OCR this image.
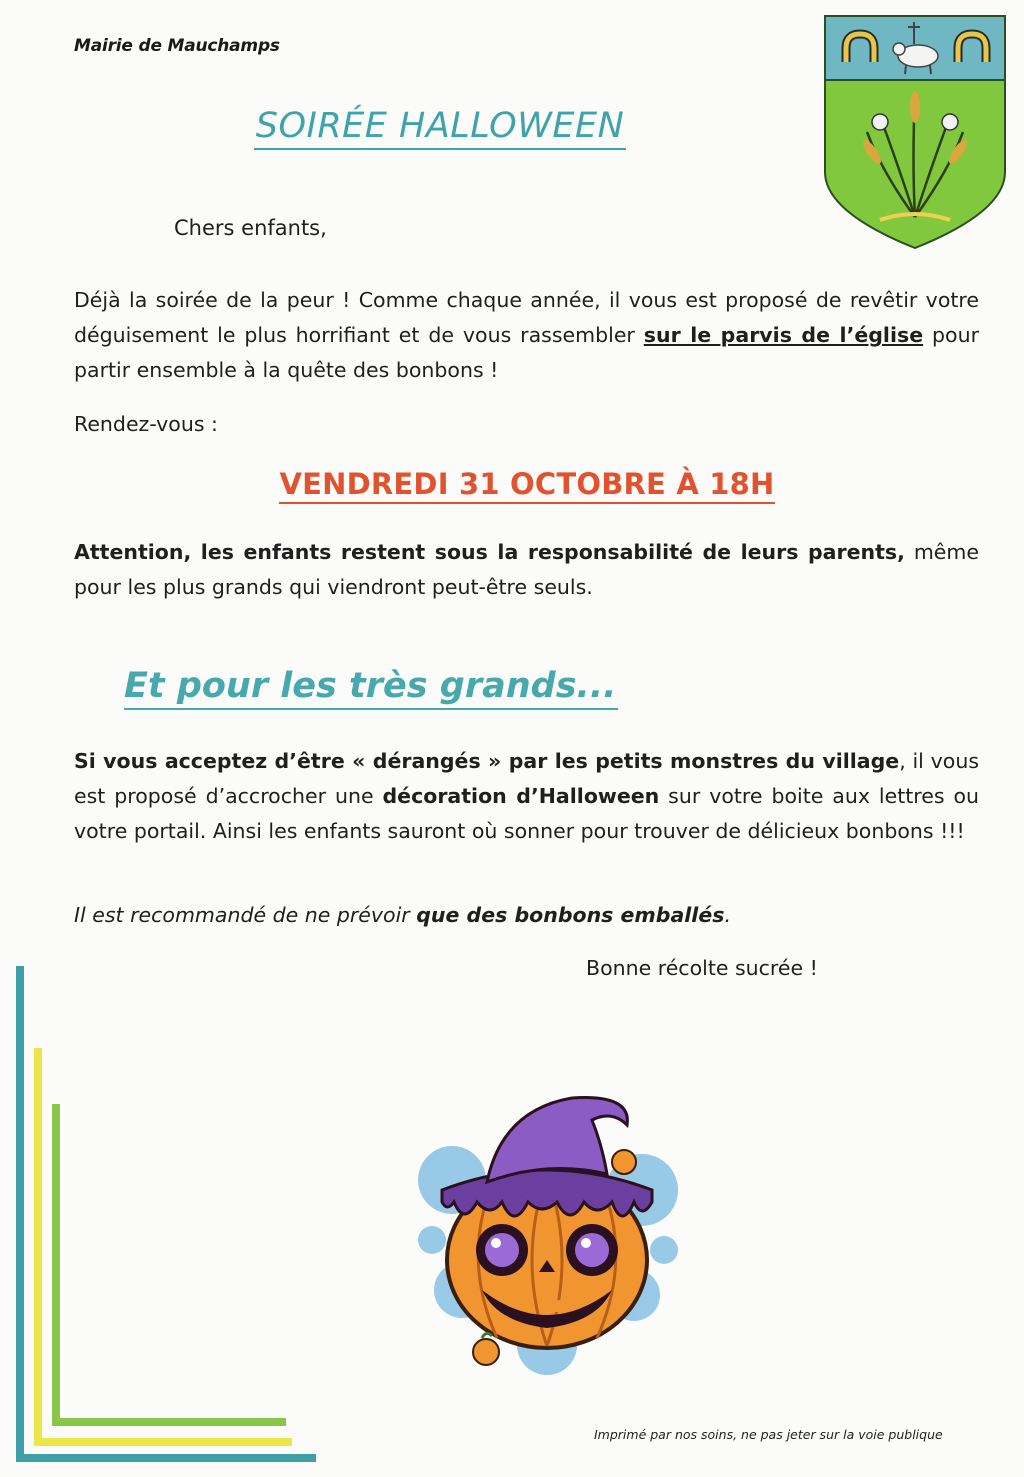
Mairie de Mauchamps
SOIRÉE HALLOWEEN
Chers enfants,
Déjà la soirée de la peur ! Comme chaque année, il vous est proposé de revêtir votre déguisement le plus horrifiant et de vous rassembler sur le parvis de l’église pour partir ensemble à la quête des bonbons !
Rendez-vous :
VENDREDI 31 OCTOBRE À 18H
Attention, les enfants restent sous la responsabilité de leurs parents, même pour les plus grands qui viendront peut-être seuls.
Et pour les très grands...
Si vous acceptez d’être « dérangés » par les petits monstres du village, il vous est proposé d’accrocher une décoration d’Halloween sur votre boite aux lettres ou votre portail. Ainsi les enfants sauront où sonner pour trouver de délicieux bonbons !!!
Il est recommandé de ne prévoir que des bonbons emballés.
Bonne récolte sucrée !
Imprimé par nos soins, ne pas jeter sur la voie publique
